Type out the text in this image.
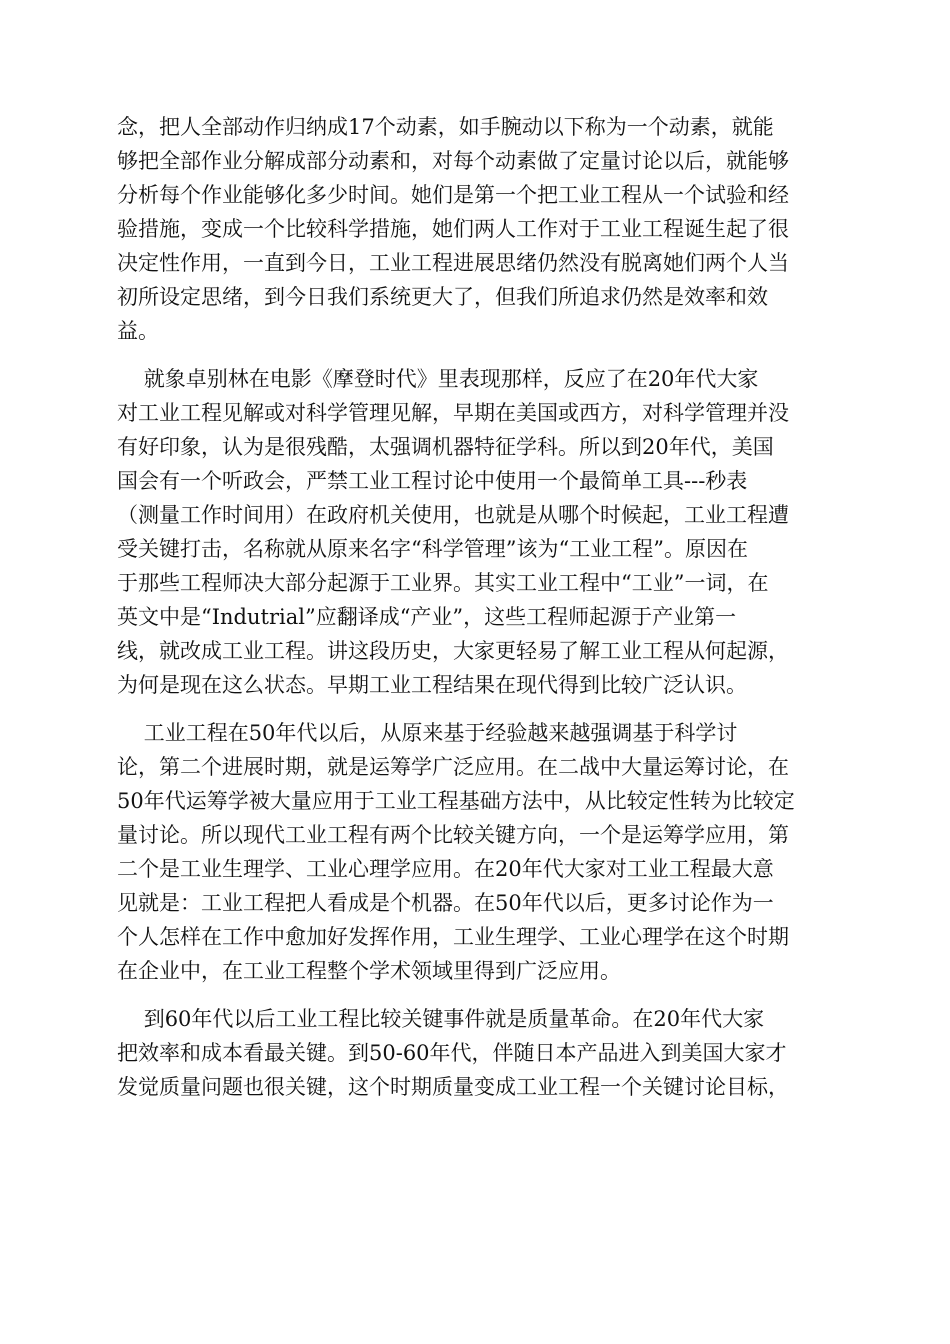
念，把人全部动作归纳成17个动素，如手腕动以下称为一个动素，就能
够把全部作业分解成部分动素和，对每个动素做了定量讨论以后，就能够
分析每个作业能够化多少时间。她们是第一个把工业工程从一个试验和经
验措施，变成一个比较科学措施，她们两人工作对于工业工程诞生起了很
决定性作用，一直到今日，工业工程进展思绪仍然没有脱离她们两个人当
初所设定思绪，到今日我们系统更大了，但我们所追求仍然是效率和效
益。
就象卓别林在电影《摩登时代》里表现那样，反应了在20年代大家
对工业工程见解或对科学管理见解，早期在美国或西方，对科学管理并没
有好印象，认为是很残酷，太强调机器特征学科。所以到20年代，美国
国会有一个听政会，严禁工业工程讨论中使用一个最简单工具---秒表
（测量工作时间用）在政府机关使用，也就是从哪个时候起，工业工程遭
受关键打击，名称就从原来名字“科学管理”该为“工业工程”。原因在
于那些工程师决大部分起源于工业界。其实工业工程中“工业”一词，在
英文中是“Indutrial”应翻译成“产业”，这些工程师起源于产业第一
线，就改成工业工程。讲这段历史，大家更轻易了解工业工程从何起源，
为何是现在这么状态。早期工业工程结果在现代得到比较广泛认识。
工业工程在50年代以后，从原来基于经验越来越强调基于科学讨
论，第二个进展时期，就是运筹学广泛应用。在二战中大量运筹讨论，在
50年代运筹学被大量应用于工业工程基础方法中，从比较定性转为比较定
量讨论。所以现代工业工程有两个比较关键方向，一个是运筹学应用，第
二个是工业生理学、工业心理学应用。在20年代大家对工业工程最大意
见就是：工业工程把人看成是个机器。在50年代以后，更多讨论作为一
个人怎样在工作中愈加好发挥作用，工业生理学、工业心理学在这个时期
在企业中，在工业工程整个学术领域里得到广泛应用。
到60年代以后工业工程比较关键事件就是质量革命。在20年代大家
把效率和成本看最关键。到50-60年代，伴随日本产品进入到美国大家才
发觉质量问题也很关键，这个时期质量变成工业工程一个关键讨论目标，
